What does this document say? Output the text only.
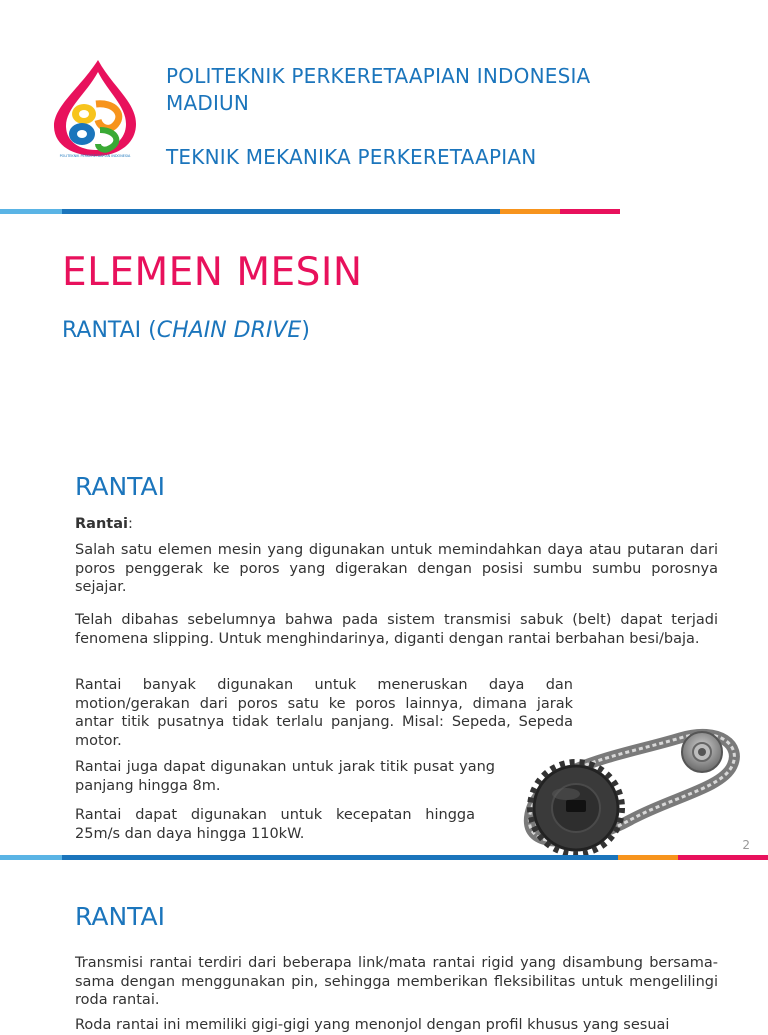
POLITEKNIK PERKERETAAPIAN INDONESIA
POLITEKNIK PERKERETAAPIAN INDONESIA
MADIUN
TEKNIK MEKANIKA PERKERETAAPIAN
ELEMEN MESIN
RANTAI (CHAIN DRIVE)
RANTAI
Rantai:
Salah satu elemen mesin yang digunakan untuk memindahkan daya atau putaran dari poros penggerak ke poros yang digerakan dengan posisi sumbu sumbu porosnya sejajar.
Telah dibahas sebelumnya bahwa pada sistem transmisi sabuk (belt) dapat terjadi fenomena slipping. Untuk menghindarinya, diganti dengan rantai berbahan besi/baja.
Rantai banyak digunakan untuk meneruskan daya dan motion/gerakan dari poros satu ke poros lainnya, dimana jarak antar titik pusatnya tidak terlalu panjang. Misal: Sepeda, Sepeda motor.
Rantai juga dapat digunakan untuk jarak titik pusat yang panjang hingga 8m.
Rantai dapat digunakan untuk kecepatan hingga 25m/s dan daya hingga 110kW.
2
RANTAI
Transmisi rantai terdiri dari beberapa link/mata rantai rigid yang disambung bersama-sama dengan menggunakan pin, sehingga memberikan fleksibilitas untuk mengelilingi roda rantai.
Roda rantai ini memiliki gigi-gigi yang menonjol dengan profil khusus yang sesuai
